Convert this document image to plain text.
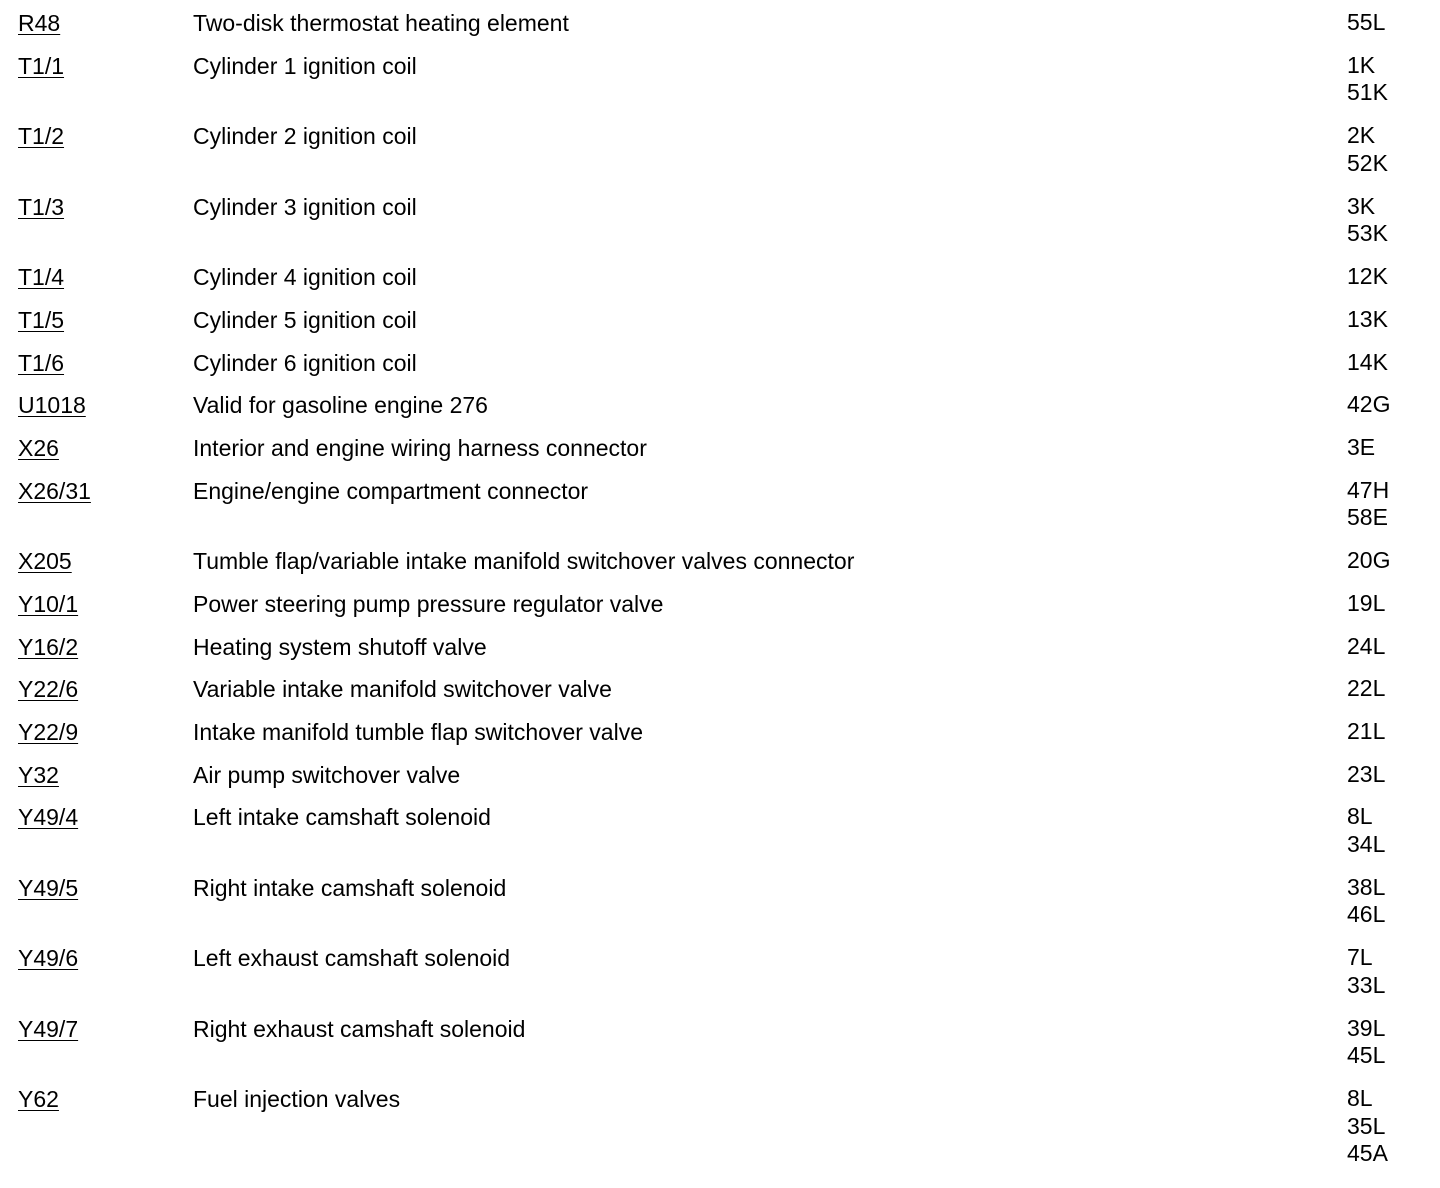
R48	Two-disk thermostat heating element	55L
T1/1	Cylinder 1 ignition coil	1K
51K
T1/2	Cylinder 2 ignition coil	2K
52K
T1/3	Cylinder 3 ignition coil	3K
53K
T1/4	Cylinder 4 ignition coil	12K
T1/5	Cylinder 5 ignition coil	13K
T1/6	Cylinder 6 ignition coil	14K
U1018	Valid for gasoline engine 276	42G
X26	Interior and engine wiring harness connector	3E
X26/31	Engine/engine compartment connector	47H
58E
X205	Tumble flap/variable intake manifold switchover valves connector	20G
Y10/1	Power steering pump pressure regulator valve	19L
Y16/2	Heating system shutoff valve	24L
Y22/6	Variable intake manifold switchover valve	22L
Y22/9	Intake manifold tumble flap switchover valve	21L
Y32	Air pump switchover valve	23L
Y49/4	Left intake camshaft solenoid	8L
34L
Y49/5	Right intake camshaft solenoid	38L
46L
Y49/6	Left exhaust camshaft solenoid	7L
33L
Y49/7	Right exhaust camshaft solenoid	39L
45L
Y62	Fuel injection valves	8L
35L
45A
